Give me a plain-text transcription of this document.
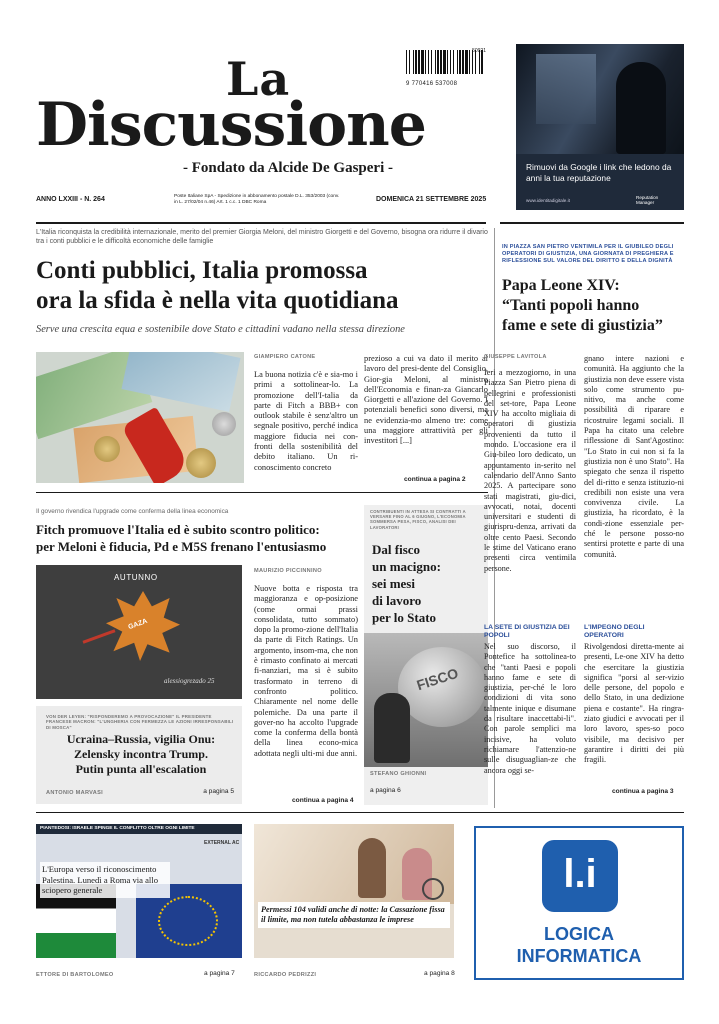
La
Discussione
- Fondato da Alcide De Gasperi -
9 770416 537008
50921
Rimuovi da Google i link che ledono da anni la tua reputazione
www.identitadigitale.it
Reputation Manager
ANNO LXXIII - N. 264	Poste Italiane SpA - Spedizione in abbonamento postale D.L. 353/2003 (conv. in L. 27/02/04 n.46) Art. 1 c.c. 1 DBC Roma	DOMENICA 21 SETTEMBRE 2025
L'Italia riconquista la credibilità internazionale, merito del premier Giorgia Meloni, del ministro Giorgetti e del Governo, bisogna ora ridurre il divario tra i conti pubblici e le difficoltà economiche delle famiglie
Conti pubblici, Italia promossa
ora la sfida è nella vita quotidiana
Serve una crescita equa e sostenibile dove Stato e cittadini vadano nella stessa direzione
GIAMPIERO CATONE
La buona notizia c'è e sia-mo i primi a sottolinear-lo. La promozione dell'I-talia da parte di Fitch a BBB+ con outlook stabile è senz'altro un segnale positivo, perché indica maggiore fiducia nei con-fronti della sostenibilità del debito italiano. Un ri-conoscimento concreto
prezioso a cui va dato il merito al lavoro del presi-dente del Consiglio, Gior-gia Meloni, al ministro dell'Economia e finan-za Giancarlo Giorgetti e all'azione del Governo. I potenziali benefici sono diversi, ma ne evidenzia-mo almeno tre: come una maggiore attrattività per gli investitori [...]
continua a pagina 2
Il governo rivendica l'upgrade come conferma della linea economica
Fitch promuove l'Italia ed è subito scontro politico:
per Meloni è fiducia, Pd e M5S frenano l'entusiasmo
AUTUNNO
GAZA
alessiogrezado 25
MAURIZIO PICCINNINO
Nuove botta e risposta tra maggioranza e op-posizione (come ormai prassi consolidata, tutto sommato) dopo la promo-zione dell'Italia da parte di Fitch Ratings. Un argomento, insom-ma, che non è rimasto confinato ai mercati fi-nanziari, ma si è subito trasformato in terreno di confronto politico. Chiaramente nel nome delle polemiche. Da una parte il gover-no ha accolto l'upgrade come la conferma della bontà della linea econo-mica adottata negli ulti-mi due anni.
continua a pagina 4
VON DER LEYEN: "RISPONDEREMO A PROVOCAZIONE" IL PRESIDENTE FRANCESE MACRON: "L'UNGHERIA CON FERMEZZA LE AZIONI IRRESPONSABILI DI MOSCA"
Ucraina–Russia, vigilia Onu:
Zelensky incontra Trump.
Putin punta all'escalation
ANTONIO MARVASI	a pagina 5
CONTRIBUENTI IN ATTESA SI CONTRATTI A VERSARE FINO AL 6 GIUGNO, L'ECONOMIA SOMMERSA PESA, FISCO, ANALISI DEI LAVORATORI
Dal fisco
un macigno:
sei mesi
di lavoro
per lo Stato
FISCO
STEFANO GHIONNI
a pagina 6
IN PIAZZA SAN PIETRO VENTIMILA PER IL GIUBILEO DEGLI OPERATORI DI GIUSTIZIA, UNA GIORNATA DI PREGHIERA E RIFLESSIONE SUL VALORE DEL DIRITTO E DELLA DIGNITÀ
Papa Leone XIV:
“Tanti popoli hanno
fame e sete di giustizia”
GIUSEPPE LAVITOLA
Ieri a mezzogiorno, in una Piazza San Pietro piena di pellegrini e professionisti del set-tore, Papa Leone XIV ha accolto migliaia di operatori di giustizia provenienti da tutto il mondo. L'occasione era il Giu-bileo loro dedicato, un appuntamento in-serito nel calendario dell'Anno Santo 2025. A partecipare sono stati magistrati, giu-dici, avvocati, notai, docenti universitari e studenti di giurispru-denza, arrivati da oltre cento Paesi. Secondo le stime del Vaticano erano presenti circa ventimila persone.
LA SETE DI GIUSTIZIA DEI POPOLI
Nel suo discorso, il Pontefice ha sottolinea-to che "tanti Paesi e popoli hanno fame e sete di giustizia, per-ché le loro condizioni di vita sono talmente inique e disumane da risultare inaccettabi-li". Con parole semplici ma incisive, ha voluto richiamare l'attenzio-ne sulle disuguaglian-ze che ancora oggi se-
gnano intere nazioni e comunità. Ha aggiunto che la giustizia non deve essere vista solo come strumento pu-nitivo, ma anche come possibilità di riparare e ricostruire legami sociali. Il Papa ha citato una celebre riflessione di Sant'Agostino: "Lo Stato in cui non si fa la giustizia non è uno Stato". Ha spiegato che senza il rispetto del di-ritto e senza istituzio-ni credibili non esiste una vera convivenza civile. La giustizia, ha ricordato, è la condi-zione essenziale per-ché le persone posso-no sentirsi protette e parte di una comunità.
L'IMPEGNO DEGLI OPERATORI
Rivolgendosi diretta-mente ai presenti, Le-one XIV ha detto che esercitare la giustizia significa "porsi al ser-vizio delle persone, del popolo e dello Stato, in una dedizione piena e costante". Ha ringra-ziato giudici e avvocati per il loro lavoro, spes-so poco visibile, ma decisivo per garantire i diritti dei più fragili.
continua a pagina 3
PIANTEDOSI: ISRAELE SPINGE IL CONFLITTO OLTRE OGNI LIMITE
EXTERNAL AC
L'Europa verso il riconoscimento Palestina. Lunedì a Roma via allo sciopero generale
ETTORE DI BARTOLOMEO	a pagina 7
Permessi 104 validi anche di notte: la Cassazione fissa il limite, ma non tutela abbastanza le imprese
RICCARDO PEDRIZZI	a pagina 8
l.i
LOGICA
INFORMATICA
